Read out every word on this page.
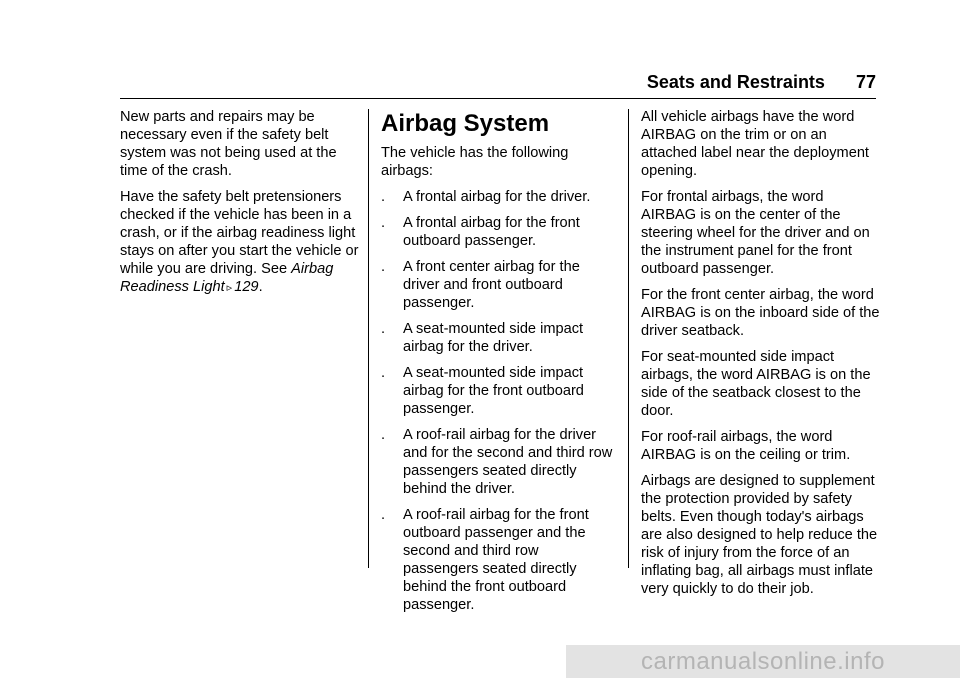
Seats and Restraints 77

New parts and repairs may be necessary even if the safety belt system was not being used at the time of the crash.

Have the safety belt pretensioners checked if the vehicle has been in a crash, or if the airbag readiness light stays on after you start the vehicle or while you are driving. See Airbag Readiness Light ▹ 129.

Airbag System

The vehicle has the following airbags:

. A frontal airbag for the driver.
. A frontal airbag for the front outboard passenger.
. A front center airbag for the driver and front outboard passenger.
. A seat-mounted side impact airbag for the driver.
. A seat-mounted side impact airbag for the front outboard passenger.
. A roof-rail airbag for the driver and for the second and third row passengers seated directly behind the driver.
. A roof-rail airbag for the front outboard passenger and the second and third row passengers seated directly behind the front outboard passenger.

All vehicle airbags have the word AIRBAG on the trim or on an attached label near the deployment opening.

For frontal airbags, the word AIRBAG is on the center of the steering wheel for the driver and on the instrument panel for the front outboard passenger.

For the front center airbag, the word AIRBAG is on the inboard side of the driver seatback.

For seat-mounted side impact airbags, the word AIRBAG is on the side of the seatback closest to the door.

For roof-rail airbags, the word AIRBAG is on the ceiling or trim.

Airbags are designed to supplement the protection provided by safety belts. Even though today's airbags are also designed to help reduce the risk of injury from the force of an inflating bag, all airbags must inflate very quickly to do their job.

carmanualsonline.info
